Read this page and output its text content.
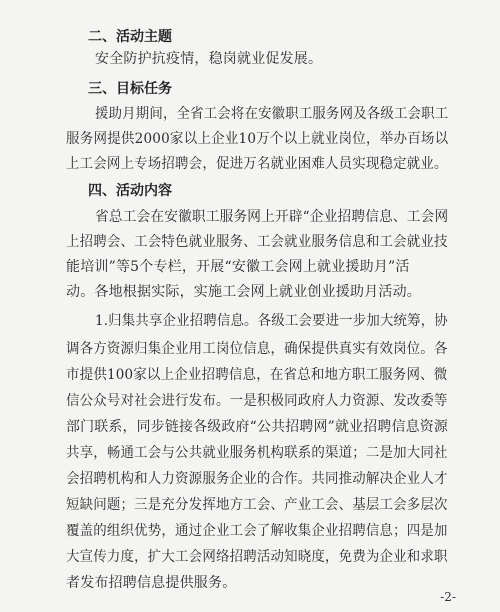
二、活动主题
安全防护抗疫情，稳岗就业促发展。
三、目标任务
援助月期间，全省工会将在安徽职工服务网及各级工会职工
服务网提供2000家以上企业10万个以上就业岗位，举办百场以
上工会网上专场招聘会，促进万名就业困难人员实现稳定就业。
四、活动内容
省总工会在安徽职工服务网上开辟“企业招聘信息、工会网
上招聘会、工会特色就业服务、工会就业服务信息和工会就业技
能培训”等5个专栏，开展“安徽工会网上就业援助月”活
动。各地根据实际，实施工会网上就业创业援助月活动。
1.归集共享企业招聘信息。各级工会要进一步加大统筹，协
调各方资源归集企业用工岗位信息，确保提供真实有效岗位。各
市提供100家以上企业招聘信息，在省总和地方职工服务网、微
信公众号对社会进行发布。一是积极同政府人力资源、发改委等
部门联系，同步链接各级政府“公共招聘网”就业招聘信息资源
共享，畅通工会与公共就业服务机构联系的渠道；二是加大同社
会招聘机构和人力资源服务企业的合作。共同推动解决企业人才
短缺问题；三是充分发挥地方工会、产业工会、基层工会多层次
覆盖的组织优势，通过企业工会了解收集企业招聘信息；四是加
大宣传力度，扩大工会网络招聘活动知晓度，免费为企业和求职
者发布招聘信息提供服务。
-2-
